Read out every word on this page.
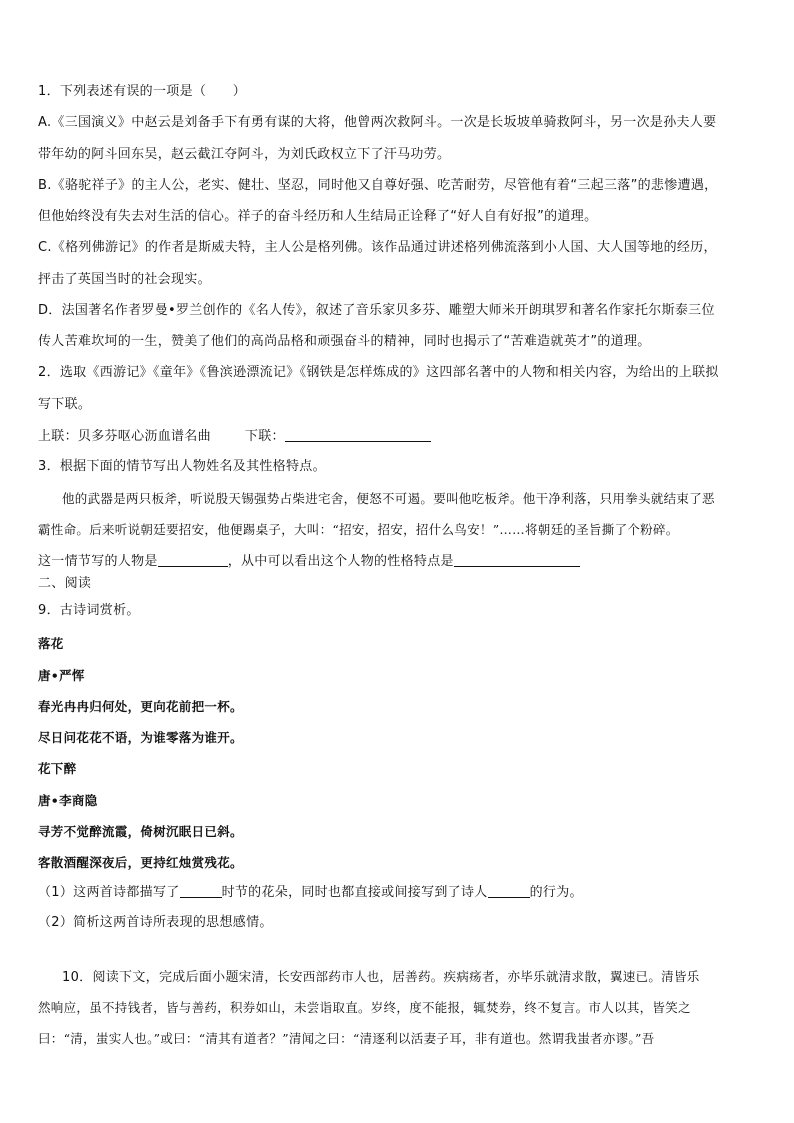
1．下列表述有误的一项是（　　）
A.《三国演义》中赵云是刘备手下有勇有谋的大将，他曾两次救阿斗。一次是长坂坡单骑救阿斗，另一次是孙夫人要
带年幼的阿斗回东吴，赵云截江夺阿斗，为刘氏政权立下了汗马功劳。
B.《骆驼祥子》的主人公，老实、健壮、坚忍，同时他又自尊好强、吃苦耐劳，尽管他有着“三起三落”的悲惨遭遇，
但他始终没有失去对生活的信心。祥子的奋斗经历和人生结局正诠释了“好人自有好报”的道理。
C.《格列佛游记》的作者是斯威夫特，主人公是格列佛。该作品通过讲述格列佛流落到小人国、大人国等地的经历，
抨击了英国当时的社会现实。
D．法国著名作者罗曼•罗兰创作的《名人传》，叙述了音乐家贝多芬、雕塑大师米开朗琪罗和著名作家托尔斯泰三位
传人苦难坎坷的一生，赞美了他们的高尚品格和顽强奋斗的精神，同时也揭示了“苦难造就英才”的道理。
2．选取《西游记》《童年》《鲁滨逊漂流记》《钢铁是怎样炼成的》这四部名著中的人物和相关内容，为给出的上联拟
写下联。
上联：贝多芬呕心沥血谱名曲	下联：
3．根据下面的情节写出人物姓名及其性格特点。
他的武器是两只板斧，听说殷天锡强势占柴进宅舍，便怒不可遏。要叫他吃板斧。他干净利落，只用拳头就结束了恶
霸性命。后来听说朝廷要招安，他便踢桌子，大叫：“招安，招安，招什么鸟安！”……将朝廷的圣旨撕了个粉碎。
这一情节写的人物是	，从中可以看出这个人物的性格特点是
二、阅读
9．古诗词赏析。
落花
唐•严恽
春光冉冉归何处，更向花前把一杯。
尽日问花花不语，为谁零落为谁开。
花下醉
唐•李商隐
寻芳不觉醉流霞，倚树沉眠日已斜。
客散酒醒深夜后，更持红烛赏残花。
（1）这两首诗都描写了	时节的花朵，同时也都直接或间接写到了诗人	的行为。
（2）简析这两首诗所表现的思想感情。
10．阅读下文，完成后面小题宋清，长安西部药市人也，居善药。疾病疡者，亦毕乐就清求散，翼速已。清皆乐
然响应，虽不持钱者，皆与善药，积券如山，未尝诣取直。岁终，度不能报，辄焚券，终不复言。市人以其，皆笑之
曰：“清，蚩实人也。”或曰：“清其有道者？”清闻之曰：“清逐利以活妻子耳，非有道也。然谓我蚩者亦谬。”吾
